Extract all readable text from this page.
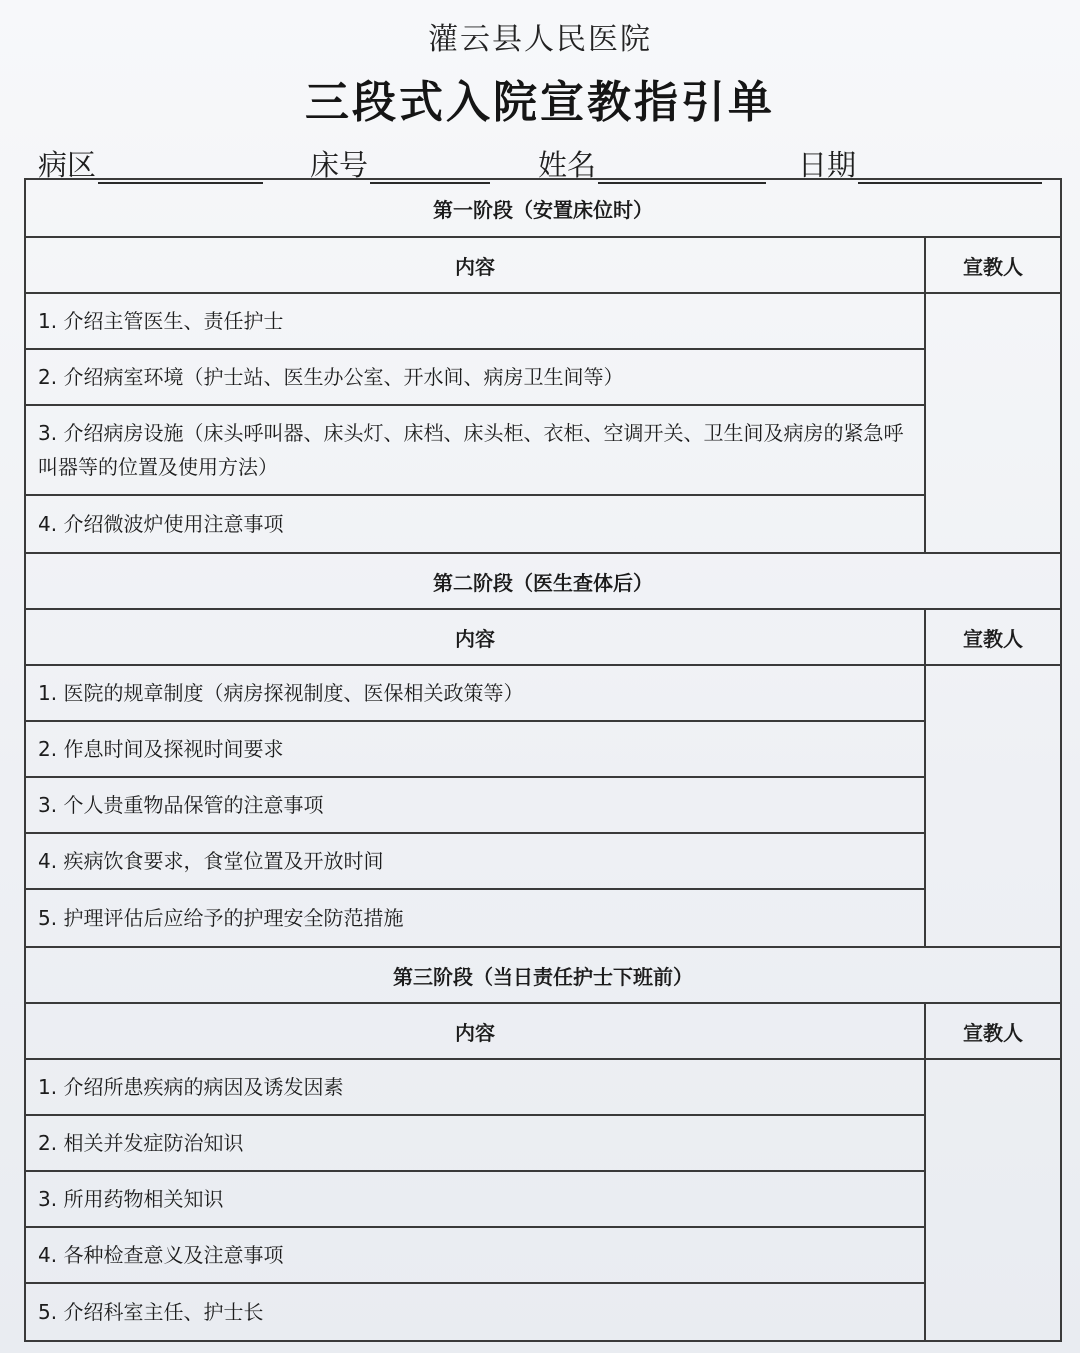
灌云县人民医院
三段式入院宣教指引单
病区	床号	姓名	日期
第一阶段（安置床位时）
内容	宣教人
1. 介绍主管医生、责任护士
2. 介绍病室环境（护士站、医生办公室、开水间、病房卫生间等）
3. 介绍病房设施（床头呼叫器、床头灯、床档、床头柜、衣柜、空调开关、卫生间及病房的紧急呼叫器等的位置及使用方法）
4. 介绍微波炉使用注意事项
第二阶段（医生查体后）
内容	宣教人
1. 医院的规章制度（病房探视制度、医保相关政策等）
2. 作息时间及探视时间要求
3. 个人贵重物品保管的注意事项
4. 疾病饮食要求，食堂位置及开放时间
5. 护理评估后应给予的护理安全防范措施
第三阶段（当日责任护士下班前）
内容	宣教人
1. 介绍所患疾病的病因及诱发因素
2. 相关并发症防治知识
3. 所用药物相关知识
4. 各种检查意义及注意事项
5. 介绍科室主任、护士长
